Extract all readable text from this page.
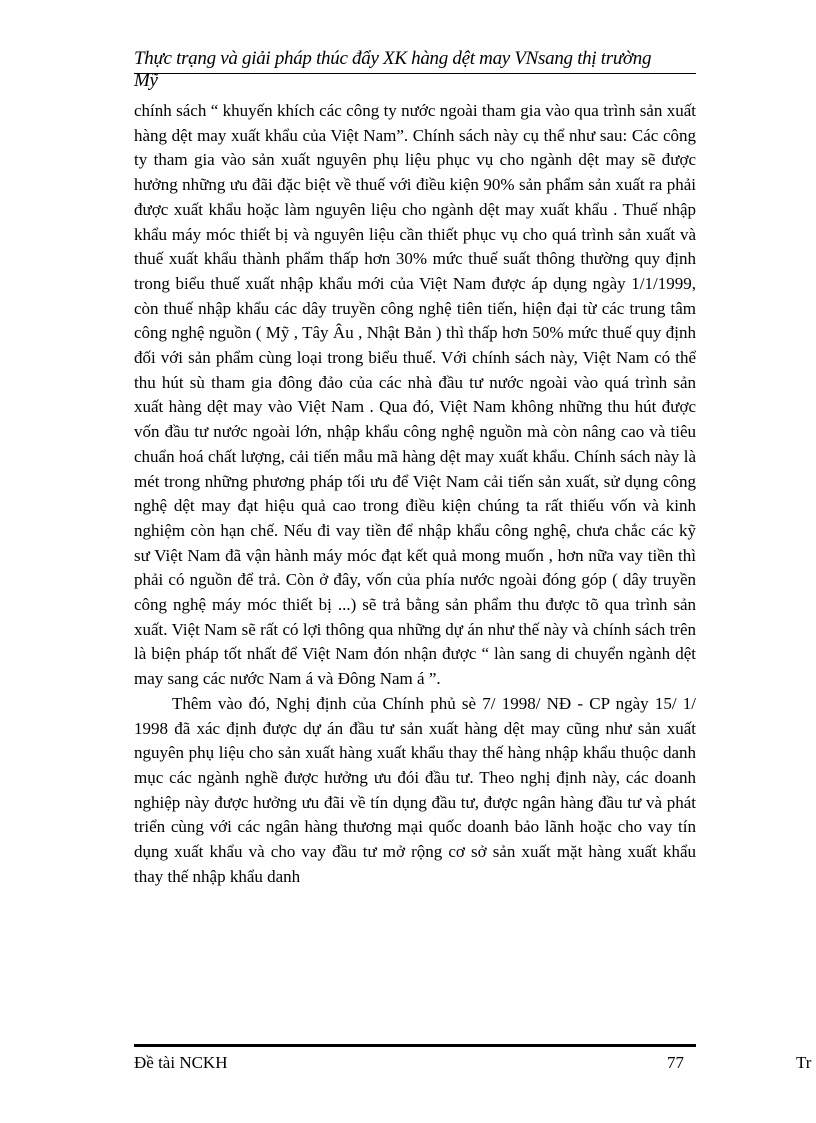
Thực trạng và giải pháp thúc đẩy XK hàng dệt may VNsang thị trường
Mỹ

chính sách “ khuyến khích các công ty nước ngoài tham gia vào qua trình sản xuất hàng dệt may xuất khẩu của Việt Nam”. Chính sách này cụ thể như sau: Các công ty tham gia vào sản xuất nguyên phụ liệu phục vụ cho ngành dệt may sẽ được hưởng những ưu đãi đặc biệt về thuế với điều kiện 90% sản phẩm sản xuất ra phải được xuất khẩu hoặc làm nguyên liệu cho ngành dệt may xuất khẩu . Thuế nhập khẩu máy móc thiết bị và nguyên liệu cần thiết phục vụ cho quá trình sản xuất và thuế xuất khẩu thành phẩm thấp hơn 30% mức thuế suất thông thường quy định trong biểu thuế xuất nhập khẩu mới của Việt Nam được áp dụng ngày 1/1/1999, còn thuế nhập khẩu các dây truyền công nghệ tiên tiến, hiện đại từ các trung tâm công nghệ nguồn ( Mỹ , Tây Âu , Nhật Bản ) thì thấp hơn 50% mức thuế quy định đối với sản phẩm cùng loại trong biểu thuế. Với chính sách này, Việt Nam có thể thu hút sù tham gia đông đảo của các nhà đầu tư nước ngoài vào quá trình sản xuất hàng dệt may vào Việt Nam . Qua đó, Việt Nam không những thu hút được vốn đầu tư nước ngoài lớn, nhập khẩu công nghệ nguồn mà còn nâng cao và tiêu chuẩn hoá chất lượng, cải tiến mẫu mã hàng dệt may xuất khẩu. Chính sách này là mét trong những phương pháp tối ưu để Việt Nam cải tiến sản xuất, sử dụng công nghệ dệt may đạt hiệu quả cao trong điều kiện chúng ta rất thiếu vốn và kinh nghiệm còn hạn chế. Nếu đi vay tiền để nhập khẩu công nghệ, chưa chắc các kỹ sư Việt Nam đã vận hành máy móc đạt kết quả mong muốn , hơn nữa vay tiền thì phải có nguồn để trả. Còn ở đây, vốn của phía nước ngoài đóng góp ( dây truyền công nghệ máy móc thiết bị ...) sẽ trả bằng sản phẩm thu được tõ qua trình sản xuất. Việt Nam sẽ rất có lợi thông qua những dự án như thế này và chính sách trên là biện pháp tốt nhất để Việt Nam đón nhận được “ làn sang di chuyển ngành dệt may sang các nước Nam á và Đông Nam á ”.

Thêm vào đó, Nghị định của Chính phủ sè 7/ 1998/ NĐ - CP ngày 15/ 1/ 1998 đã xác định được dự án đầu tư sản xuất hàng dệt may cũng như sản xuất nguyên phụ liệu cho sản xuất hàng xuất khẩu thay thế hàng nhập khẩu thuộc danh mục các ngành nghề được hưởng ưu đói đầu tư. Theo nghị định này, các doanh nghiệp này được hưởng ưu đãi về tín dụng đầu tư, được ngân hàng đầu tư và phát triển cùng với các ngân hàng thương mại quốc doanh bảo lãnh hoặc cho vay tín dụng xuất khẩu và cho vay đầu tư mở rộng cơ sở sản xuất mặt hàng xuất khẩu thay thế nhập khẩu danh

Đề tài NCKH	77	Tr
